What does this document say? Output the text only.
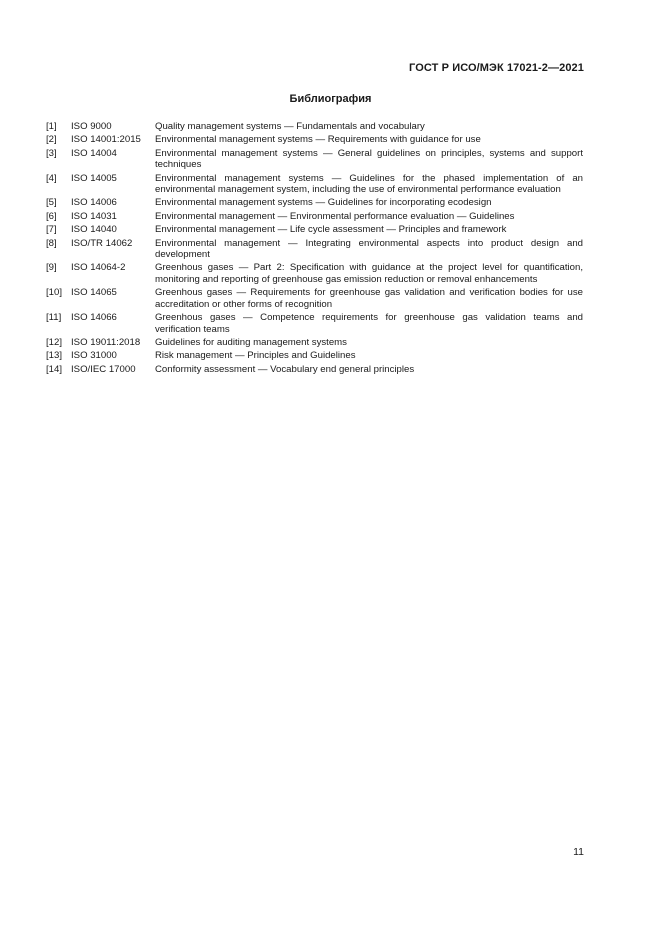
ГОСТ Р ИСО/МЭК 17021-2—2021
Библиография
[1]	ISO 9000	Quality management systems — Fundamentals and vocabulary
[2]	ISO 14001:2015	Environmental management systems — Requirements with guidance for use
[3]	ISO 14004	Environmental management systems — General guidelines on principles, systems and support techniques
[4]	ISO 14005	Environmental management systems — Guidelines for the phased implementation of an environmental management system, including the use of environmental performance evaluation
[5]	ISO 14006	Environmental management systems — Guidelines for incorporating ecodesign
[6]	ISO 14031	Environmental management — Environmental performance evaluation — Guidelines
[7]	ISO 14040	Environmental management — Life cycle assessment — Principles and framework
[8]	ISO/TR 14062	Environmental management — Integrating environmental aspects into product design and development
[9]	ISO 14064-2	Greenhous gases — Part 2: Specification with guidance at the project level for quantification, monitoring and reporting of greenhouse gas emission reduction or removal enhancements
[10] ISO 14065	Greenhous gases — Requirements for greenhouse gas validation and verification bodies for use accreditation or other forms of recognition
[11]	ISO 14066	Greenhous gases — Competence requirements for greenhouse gas validation teams and verification teams
[12] ISO 19011:2018	Guidelines for auditing management systems
[13] ISO 31000	Risk management — Principles and Guidelines
[14] ISO/IEC 17000	Conformity assessment — Vocabulary end general principles
11
